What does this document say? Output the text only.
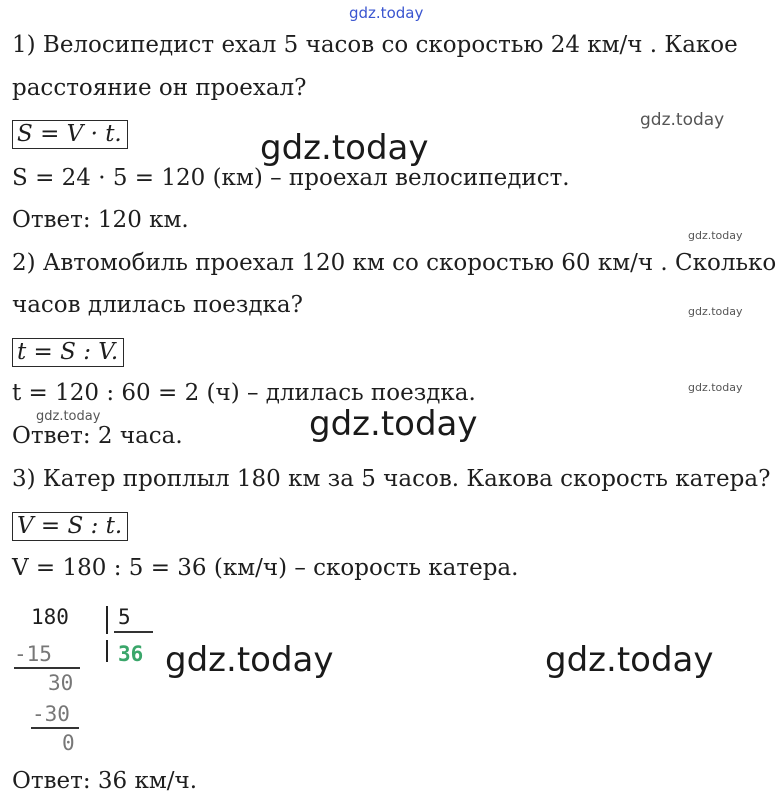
gdz.today

1) Велосипедист ехал 5 часов со скоростью 24 км/ч . Какое

расстояние он проехал?

gdz.today
S = V · t.	gdz.today

S = 24 · 5 = 120 (км) – проехал велосипедист.

Ответ: 120 км.

gdz.today

2) Автомобиль проехал 120 км со скоростью 60 км/ч . Сколько

часов длилась поездка?	gdz.today
t = S : V.

t = 120 : 60 = 2 (ч) – длилась поездка.	gdz.today
gdz.today	gdz.today

Ответ: 2 часа.

3) Катер проплыл 180 км за 5 часов. Какова скорость катера?

V = S : t.

V = 180 : 5 = 36 (км/ч) – скорость катера.

180 5
36
-15
30
-30
0
gdz.today	gdz.today

Ответ: 36 км/ч.
